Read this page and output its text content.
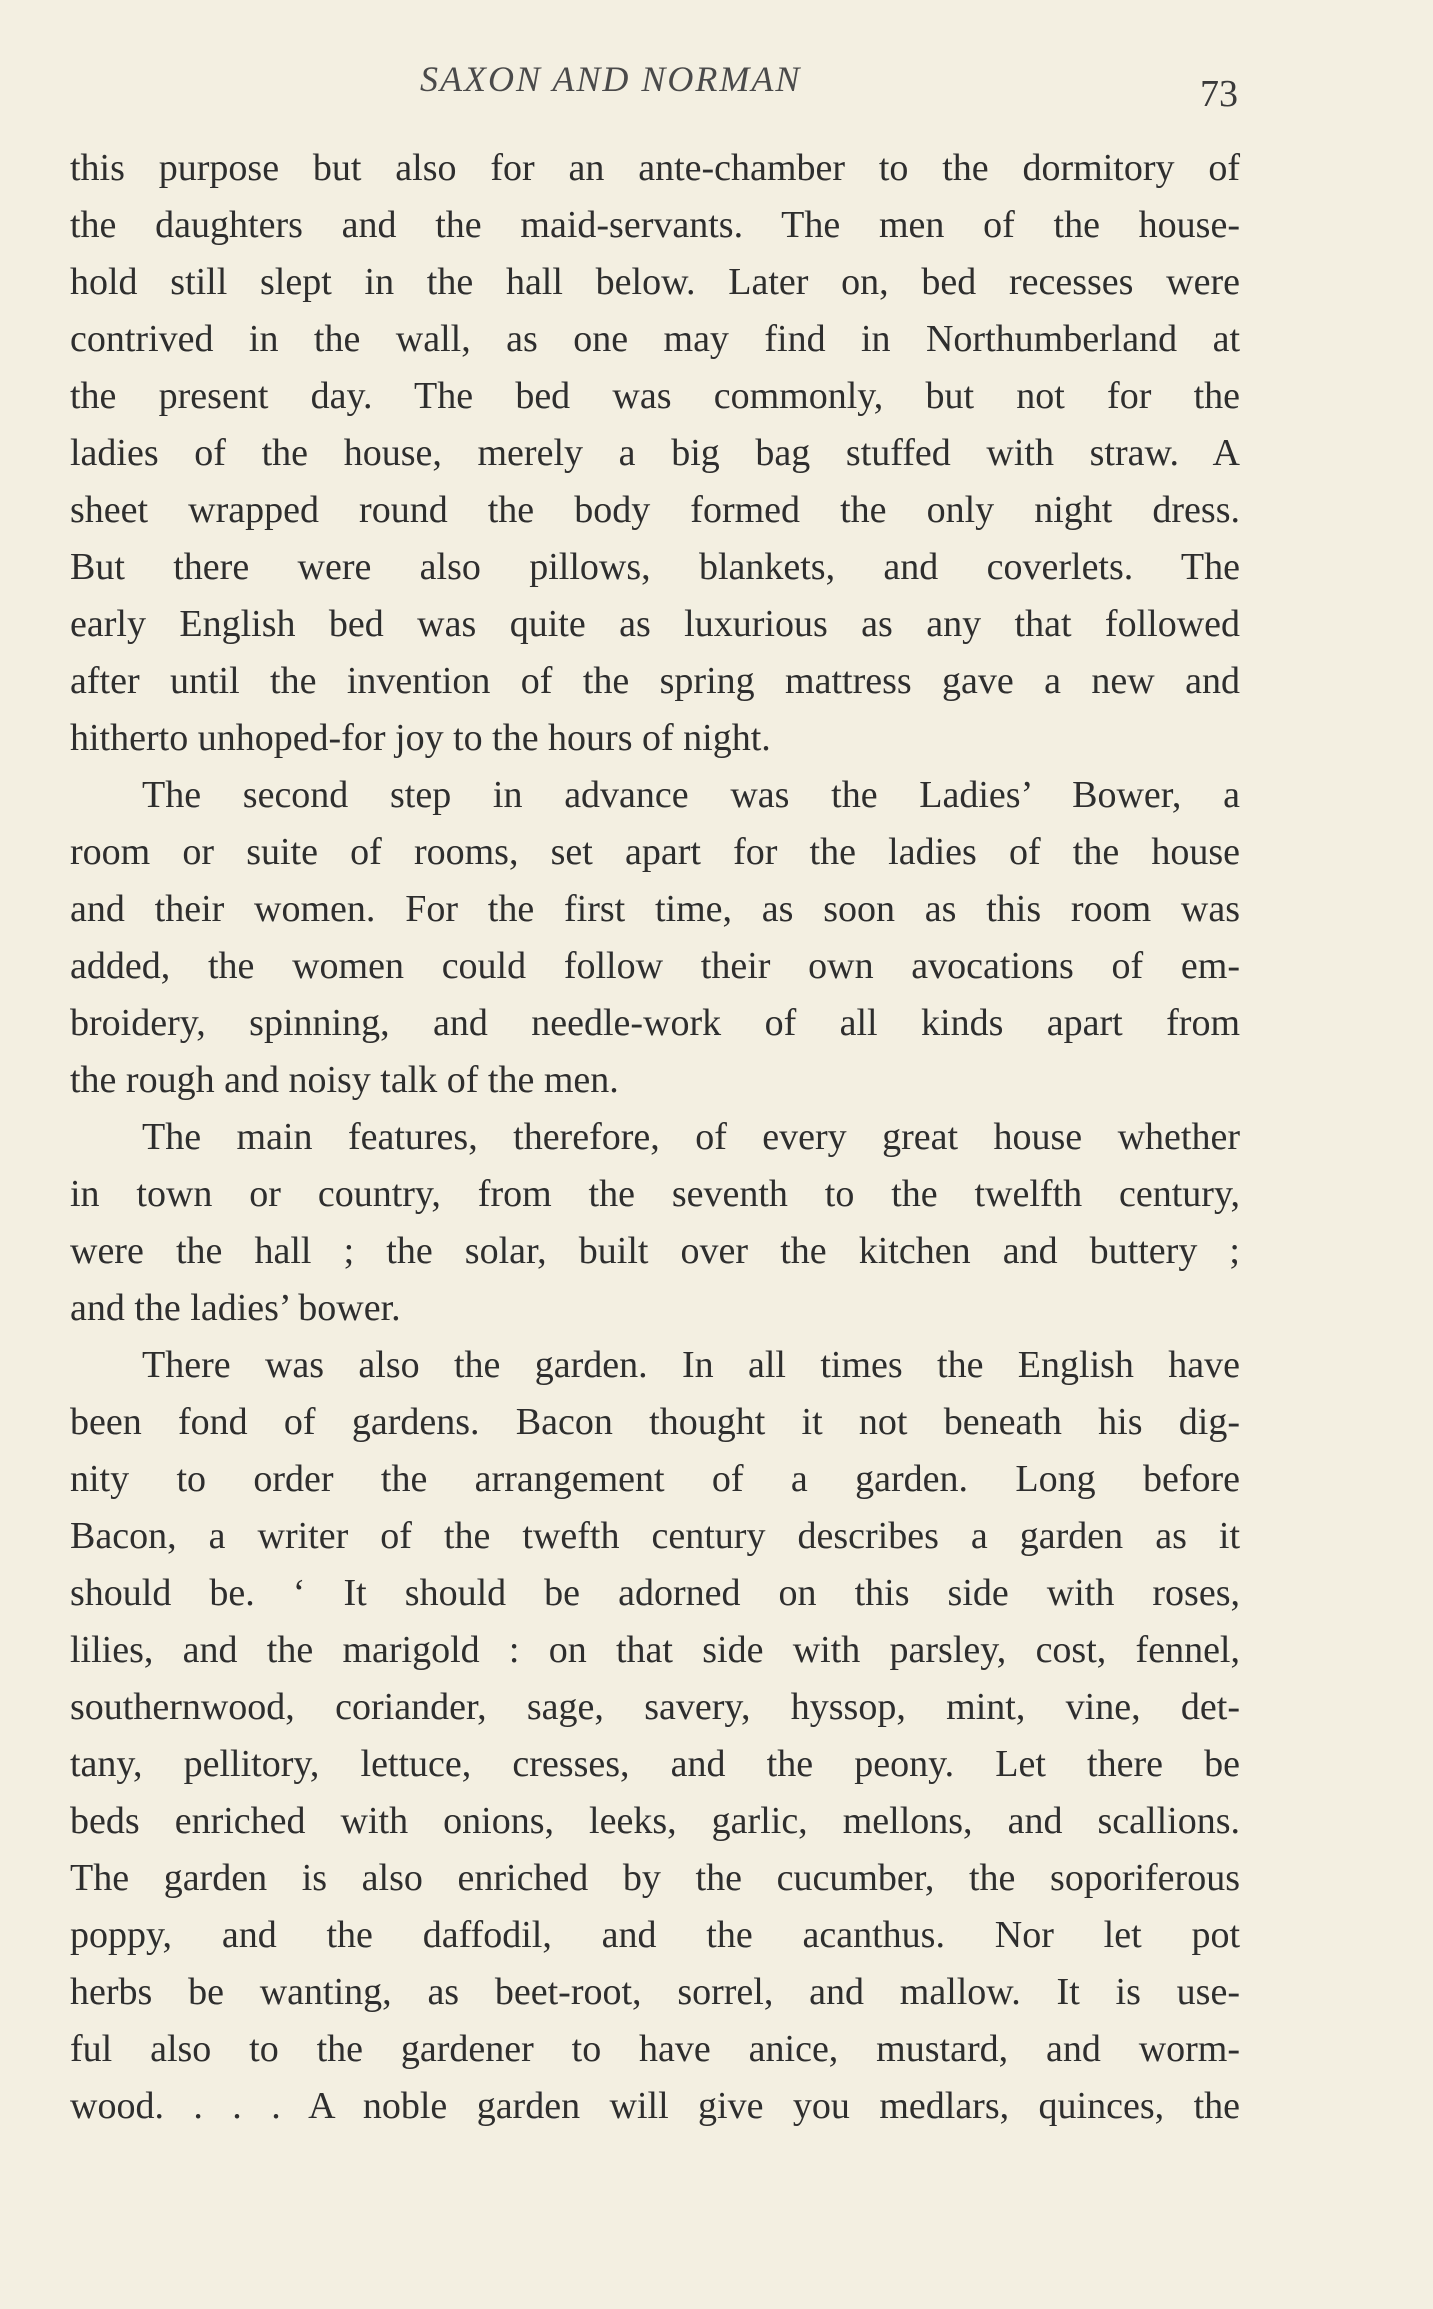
SAXON AND NORMAN	73
this purpose but also for an ante-chamber to the dormitory of
the daughters and the maid-servants. The men of the house-
hold still slept in the hall below. Later on, bed recesses were
contrived in the wall, as one may find in Northumberland at
the present day. The bed was commonly, but not for the
ladies of the house, merely a big bag stuffed with straw. A
sheet wrapped round the body formed the only night dress.
But there were also pillows, blankets, and coverlets. The
early English bed was quite as luxurious as any that followed
after until the invention of the spring mattress gave a new and
hitherto unhoped-for joy to the hours of night.
The second step in advance was the Ladies’ Bower, a
room or suite of rooms, set apart for the ladies of the house
and their women. For the first time, as soon as this room was
added, the women could follow their own avocations of em-
broidery, spinning, and needle-work of all kinds apart from
the rough and noisy talk of the men.
The main features, therefore, of every great house whether
in town or country, from the seventh to the twelfth century,
were the hall ; the solar, built over the kitchen and buttery ;
and the ladies’ bower.
There was also the garden. In all times the English have
been fond of gardens. Bacon thought it not beneath his dig-
nity to order the arrangement of a garden. Long before
Bacon, a writer of the twefth century describes a garden as it
should be. ‘ It should be adorned on this side with roses,
lilies, and the marigold : on that side with parsley, cost, fennel,
southernwood, coriander, sage, savery, hyssop, mint, vine, det-
tany, pellitory, lettuce, cresses, and the peony. Let there be
beds enriched with onions, leeks, garlic, mellons, and scallions.
The garden is also enriched by the cucumber, the soporiferous
poppy, and the daffodil, and the acanthus. Nor let pot
herbs be wanting, as beet-root, sorrel, and mallow. It is use-
ful also to the gardener to have anice, mustard, and worm-
wood. . . . A noble garden will give you medlars, quinces, the
